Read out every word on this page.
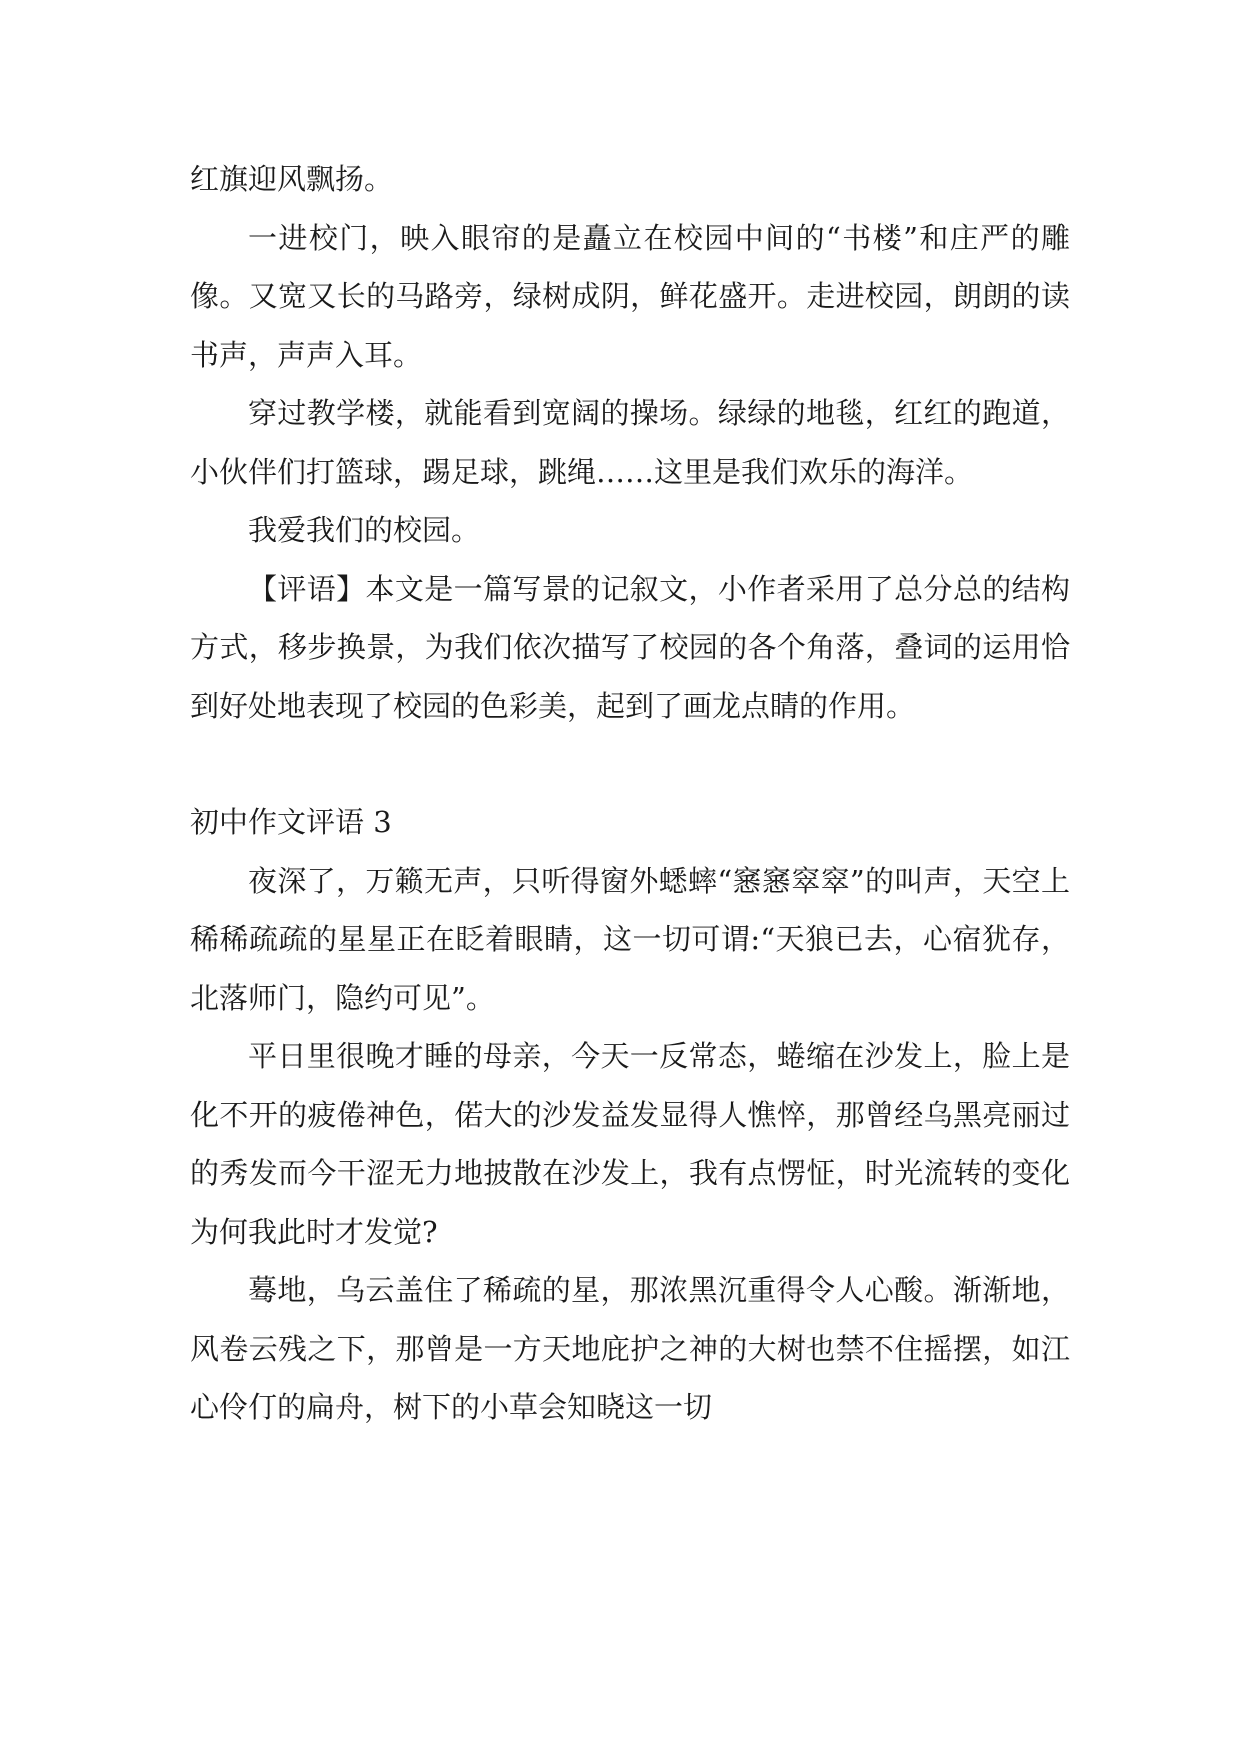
红旗迎风飘扬。

一进校门，映入眼帘的是矗立在校园中间的“书楼”和庄严的雕像。又宽又长的马路旁，绿树成阴，鲜花盛开。走进校园，朗朗的读书声，声声入耳。

穿过教学楼，就能看到宽阔的操场。绿绿的地毯，红红的跑道，小伙伴们打篮球，踢足球，跳绳……这里是我们欢乐的海洋。

我爱我们的校园。

【评语】本文是一篇写景的记叙文，小作者采用了总分总的结构方式，移步换景，为我们依次描写了校园的各个角落，叠词的运用恰到好处地表现了校园的色彩美，起到了画龙点睛的作用。

初中作文评语 3

夜深了，万籁无声，只听得窗外蟋蟀“窸窸窣窣”的叫声，天空上稀稀疏疏的星星正在眨着眼睛，这一切可谓:“天狼已去，心宿犹存，北落师门，隐约可见”。

平日里很晚才睡的母亲，今天一反常态，蜷缩在沙发上，脸上是化不开的疲倦神色，偌大的沙发益发显得人憔悴，那曾经乌黑亮丽过的秀发而今干涩无力地披散在沙发上，我有点愣怔，时光流转的变化为何我此时才发觉?

蓦地，乌云盖住了稀疏的星，那浓黑沉重得令人心酸。渐渐地，风卷云残之下，那曾是一方天地庇护之神的大树也禁不住摇摆，如江心伶仃的扁舟，树下的小草会知晓这一切
